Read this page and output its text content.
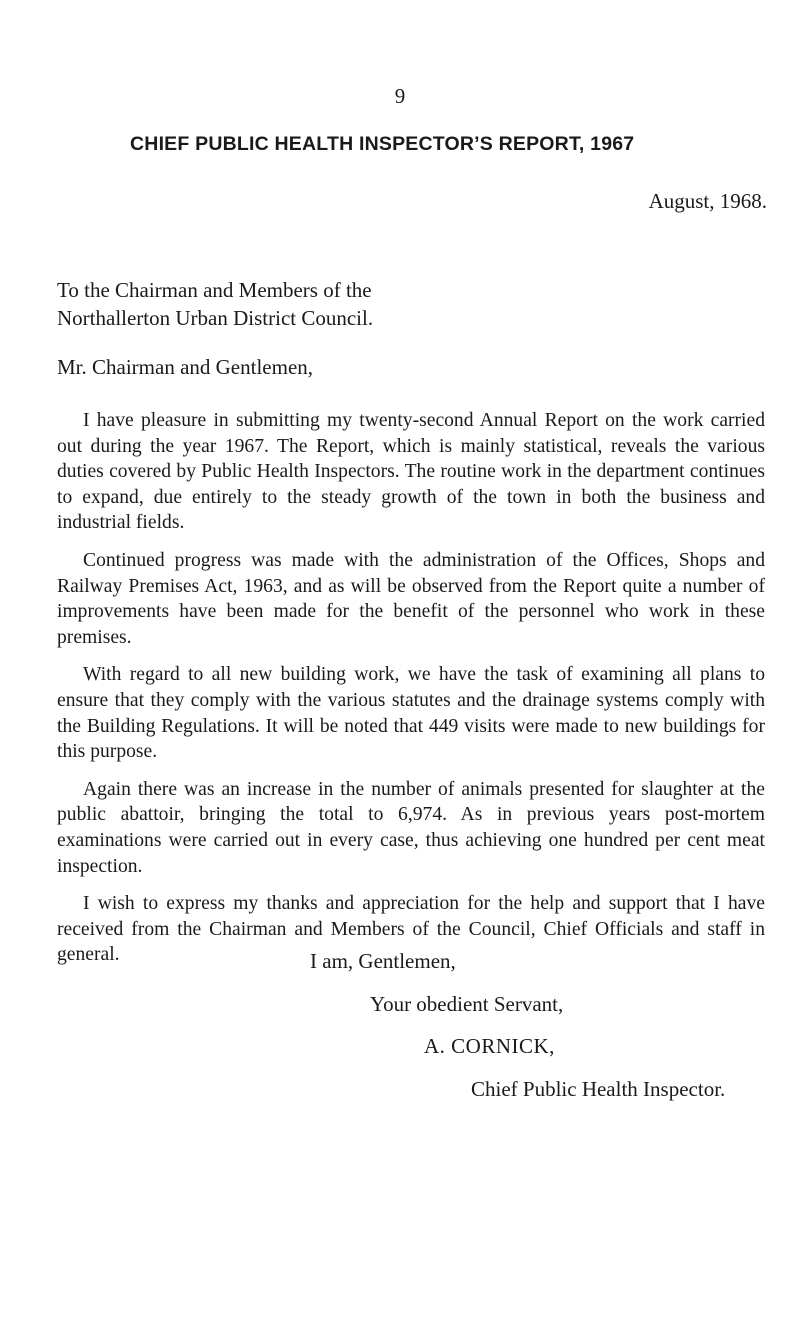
9
CHIEF PUBLIC HEALTH INSPECTOR’S REPORT, 1967
August, 1968.
To the Chairman and Members of the
Northallerton Urban District Council.
Mr. Chairman and Gentlemen,

I have pleasure in submitting my twenty-second Annual Report on the work carried out during the year 1967. The Report, which is mainly statistical, reveals the various duties covered by Public Health Inspectors. The routine work in the department continues to expand, due entirely to the steady growth of the town in both the business and industrial fields.

Continued progress was made with the administration of the Offices, Shops and Railway Premises Act, 1963, and as will be observed from the Report quite a number of improvements have been made for the benefit of the personnel who work in these premises.

With regard to all new building work, we have the task of examining all plans to ensure that they comply with the various statutes and the drainage systems comply with the Building Regulations. It will be noted that 449 visits were made to new buildings for this purpose.

Again there was an increase in the number of animals presented for slaughter at the public abattoir, bringing the total to 6,974. As in previous years post-mortem examinations were carried out in every case, thus achieving one hundred per cent meat inspection.

I wish to express my thanks and appreciation for the help and support that I have received from the Chairman and Members of the Council, Chief Officials and staff in general.	I am, Gentlemen,
Your obedient Servant,
A. CORNICK,
Chief Public Health Inspector.
